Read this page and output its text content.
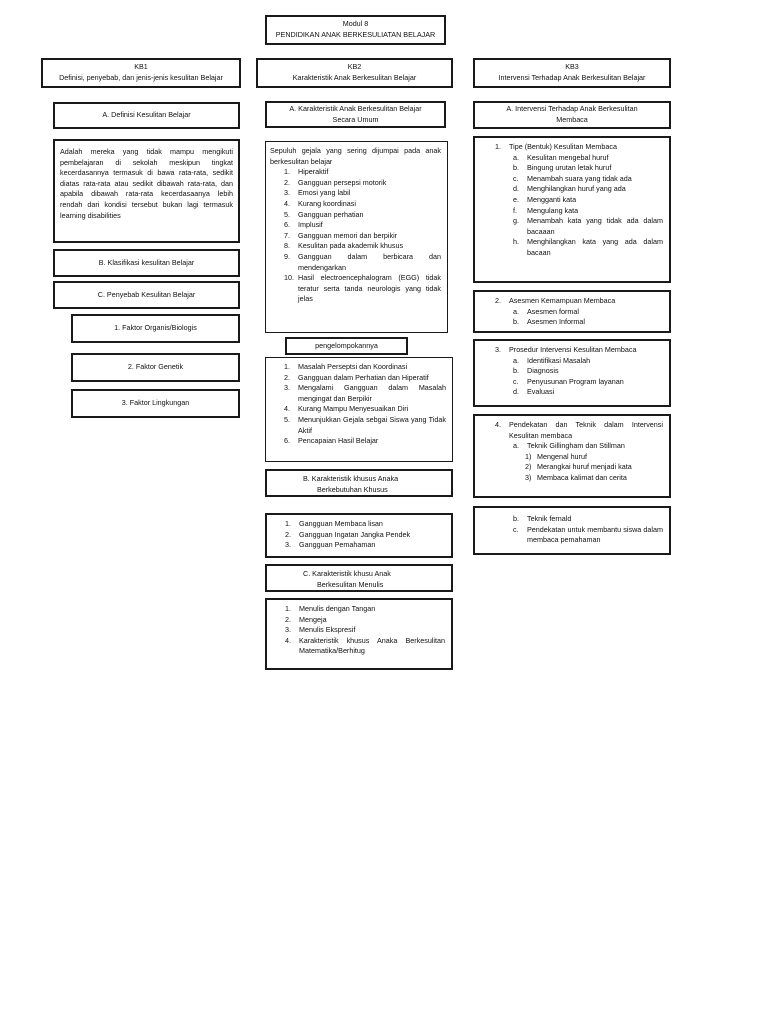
Modul 8
PENDIDIKAN ANAK BERKESULIATAN BELAJAR
KB1
Definisi, penyebab, dan jenis-jenis kesulitan Belajar
A. Definisi Kesulitan Belajar
Adalah mereka yang tidak mampu mengikuti pembelajaran di sekolah meskipun tingkat kecerdasannya termasuk di bawa rata-rata, sedikit diatas rata-rata atau sedikit dibawah rata-rata, dan apabila dibawah rata-rata kecerdasaanya lebih rendah dari kondisi tersebut bukan lagi termasuk learning disabilities
B. Klasifikasi kesulitan Belajar
C. Penyebab Kesulitan Belajar
1. Faktor Organis/Biologis
2. Faktor Genetik
3. Faktor Lingkungan
KB2
Karakteristik Anak Berkesulitan Belajar
A. Karakteristik Anak Berkesulitan Belajar
Secara Umum
Sepuluh gejala yang sering dijumpai pada anak berkesulitan belajar
1.	Hiperaktif
2.	Gangguan persepsi motorik
3.	Emosi yang labil
4.	Kurang koordinasi
5.	Gangguan perhatian
6.	Implusif
7.	Gangguan memori dan berpikir
8.	Kesulitan pada akademik khusus
9.	Gangguan dalam berbicara dan mendengarkan
10. Hasil electroencephalogram (EGG) tidak teratur serta tanda neurologis yang tidak jelas
pengelompokannya
1.	Masalah Perseptsi dan Koordinasi
2.	Gangguan dalam Perhatian dan Hiperatif
3.	Mengalami Gangguan dalam Masalah mengingat dan Berpikir
4.	Kurang Mampu Menyesuaikan Diri
5.	Menunjukkan Gejala sebgai Siswa yang Tidak Aktif
6.	Pencapaian Hasil Belajar
B. Karakteristik khusus Anaka
Berkebutuhan Khusus
1.	Gangguan Membaca lisan
2.	Gangguan Ingatan Jangka Pendek
3.	Gangguan Pemahaman
C. Karakteristik khusu Anak
Berkesulitan Menulis
1.	Menulis dengan Tangan
2.	Mengeja
3.	Menulis Ekspresif
4.	Karakteristik khusus Anaka Berkesulitan Matematika/Berhitug
KB3
Intervensi Terhadap Anak Berkesulitan Belajar
A. Intervensi Terhadap Anak Berkesulitan
Membaca
1. Tipe (Bentuk) Kesulitan Membaca
a. Kesulitan mengebal huruf
b. Bingung urutan letak huruf
c. Menambah suara yang tidak ada
d. Menghilangkan huruf yang ada
e. Mengganti kata
f. Mengulang kata
g. Menambah kata yang tidak ada dalam bacaaan
h. Menghilangkan kata yang ada dalam bacaan
2. Asesmen Kemampuan Membaca
a. Asesmen formal
b. Asesmen Informal
3. Prosedur Intervensi Kesulitan Membaca
a. Identifikasi Masalah
b. Diagnosis
c. Penyusunan Program layanan
d. Evaluasi
4. Pendekatan dan Teknik dalam Intervensi Kesulitan membaca
a. Teknik Gillingham dan Stillman
1) Mengenal huruf
2) Merangkai huruf menjadi kata
3) Membaca kalimat dan cerita
b. Teknik fernald
c. Pendekatan untuk membantu siswa dalam membaca pemahaman
